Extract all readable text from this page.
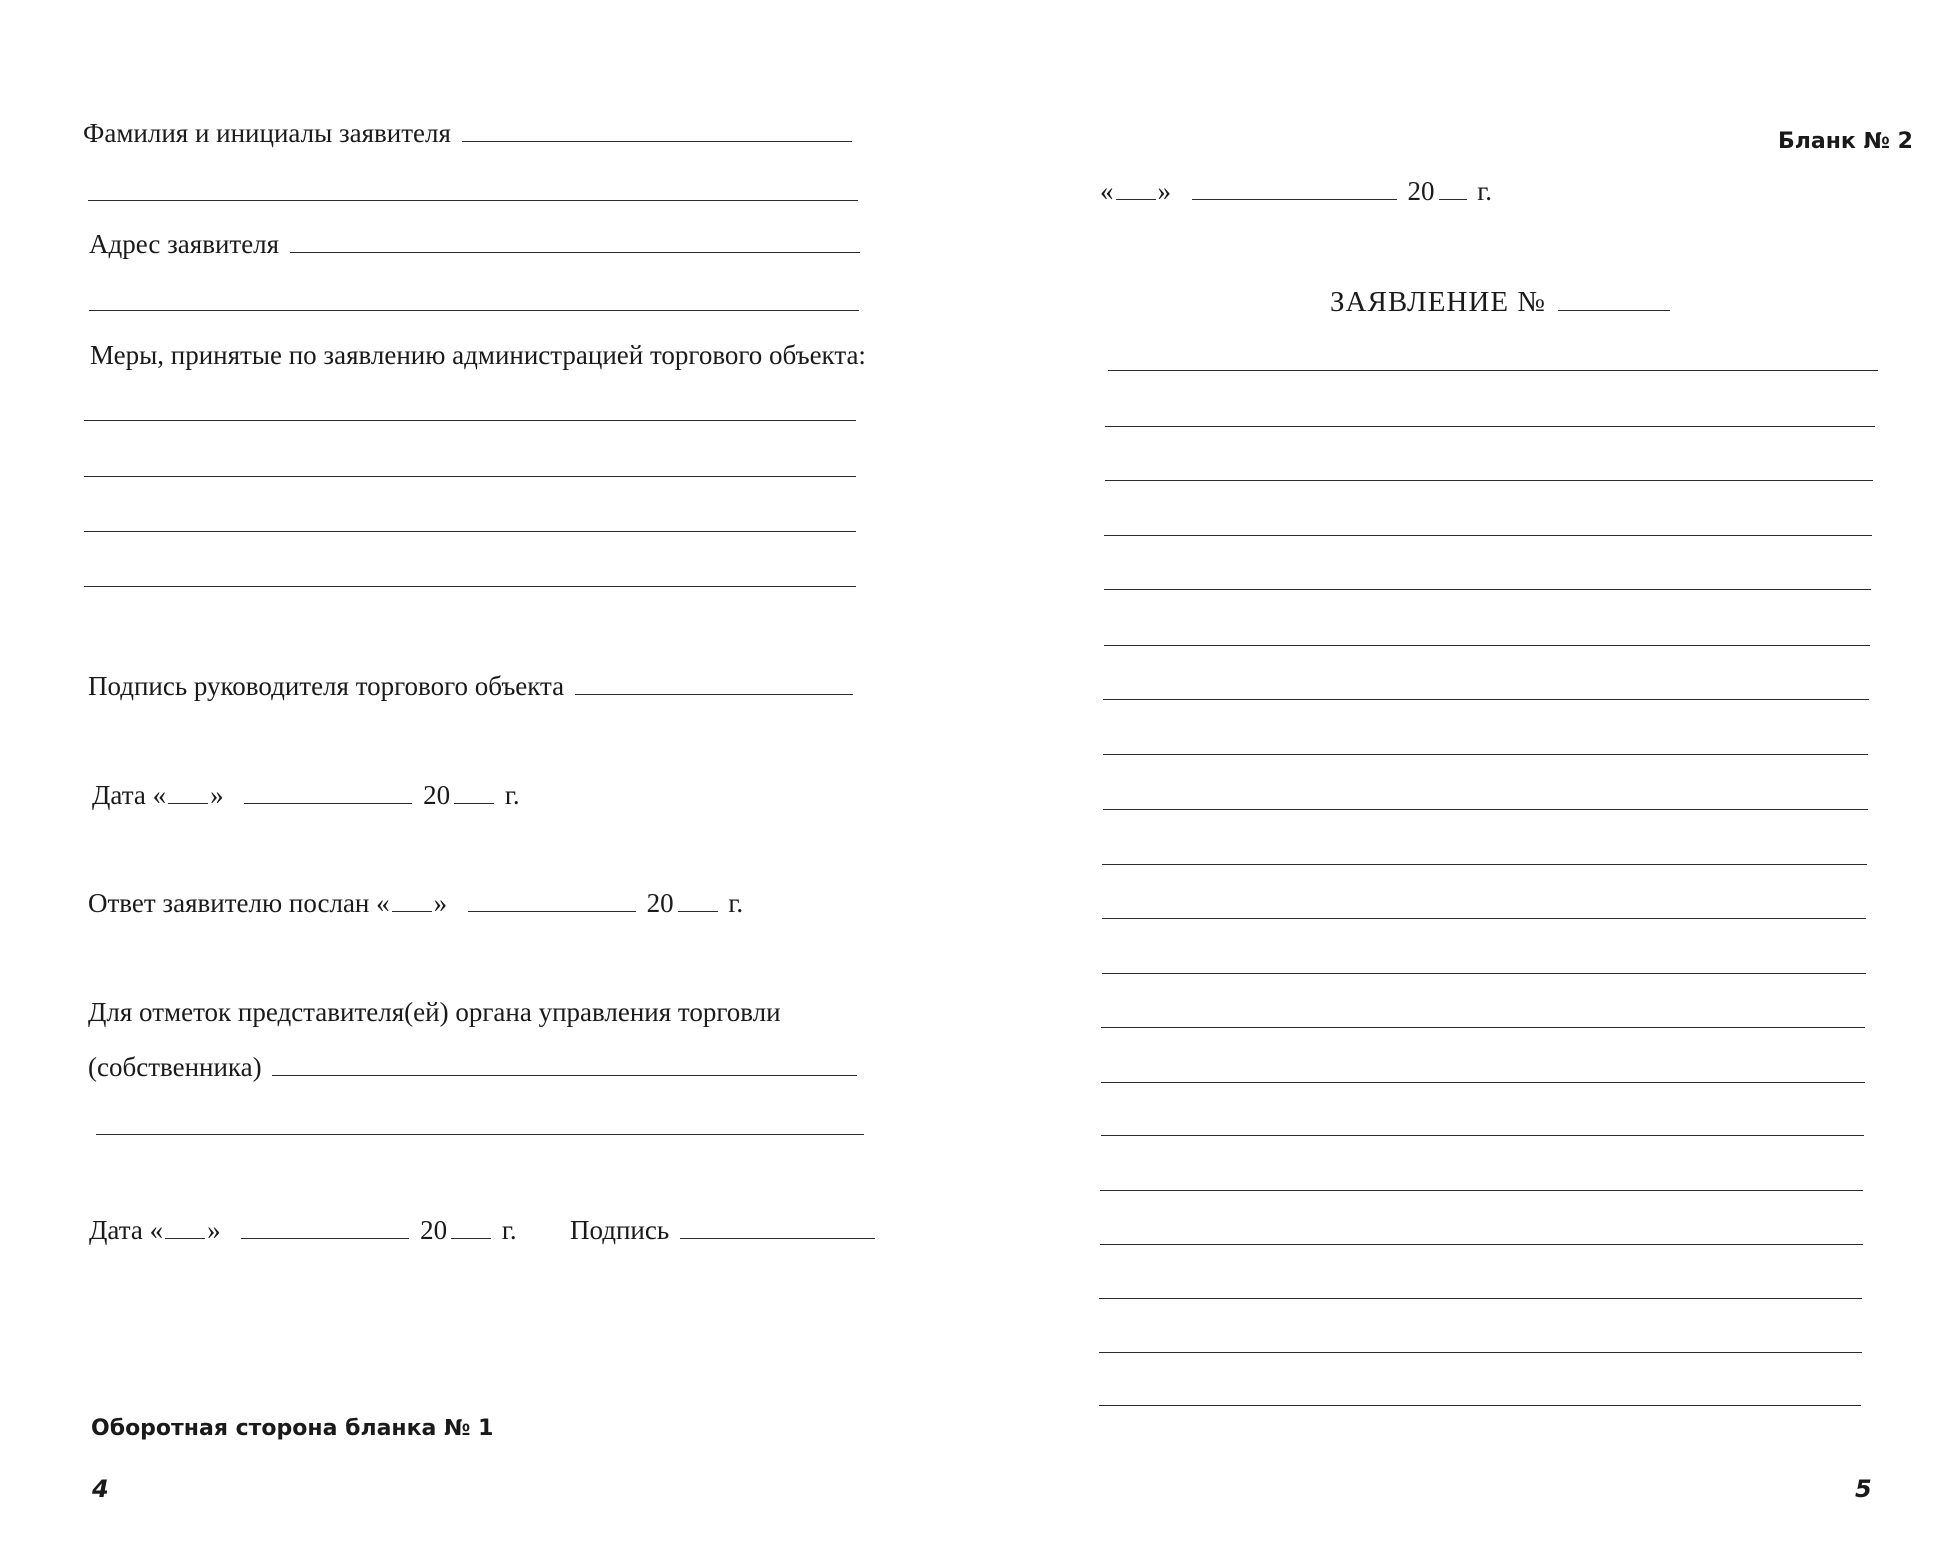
Фамилия и инициалы заявителя
Адрес заявителя
Меры, принятые по заявлению администрацией торгового объекта:
Подпись руководителя торгового объекта
Дата « »	20 г.
Ответ заявителю послан « »	20 г.
Для отметок представителя(ей) органа управления торговли
(собственника)
Дата « »	20 г. Подпись
Оборотная сторона бланка № 1
4
Бланк № 2
« »	20 г.
ЗАЯВЛЕНИЕ №
5
